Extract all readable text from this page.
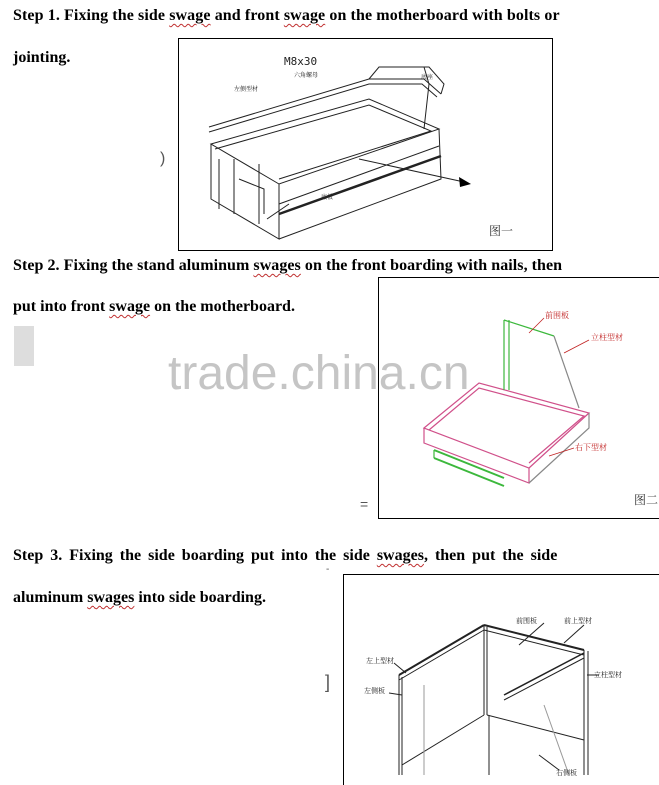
Step 1. Fixing the side swage and front swage on the motherboard with bolts or
jointing.	M8x30
六角螺母
左侧型材
底座
底板
图一
)
Step 2. Fixing the stand aluminum swages on the front boarding with nails, then
put into front swage on the motherboard.
前围板
立柱型材
右下型材
图二
trade.china.cn
Step 3. Fixing the side boarding put into the side swages, then put the side
aluminum swages into side boarding.
前围板	前上型材
立柱型材
左上型材
左侧板
右侧板
]
-
=
